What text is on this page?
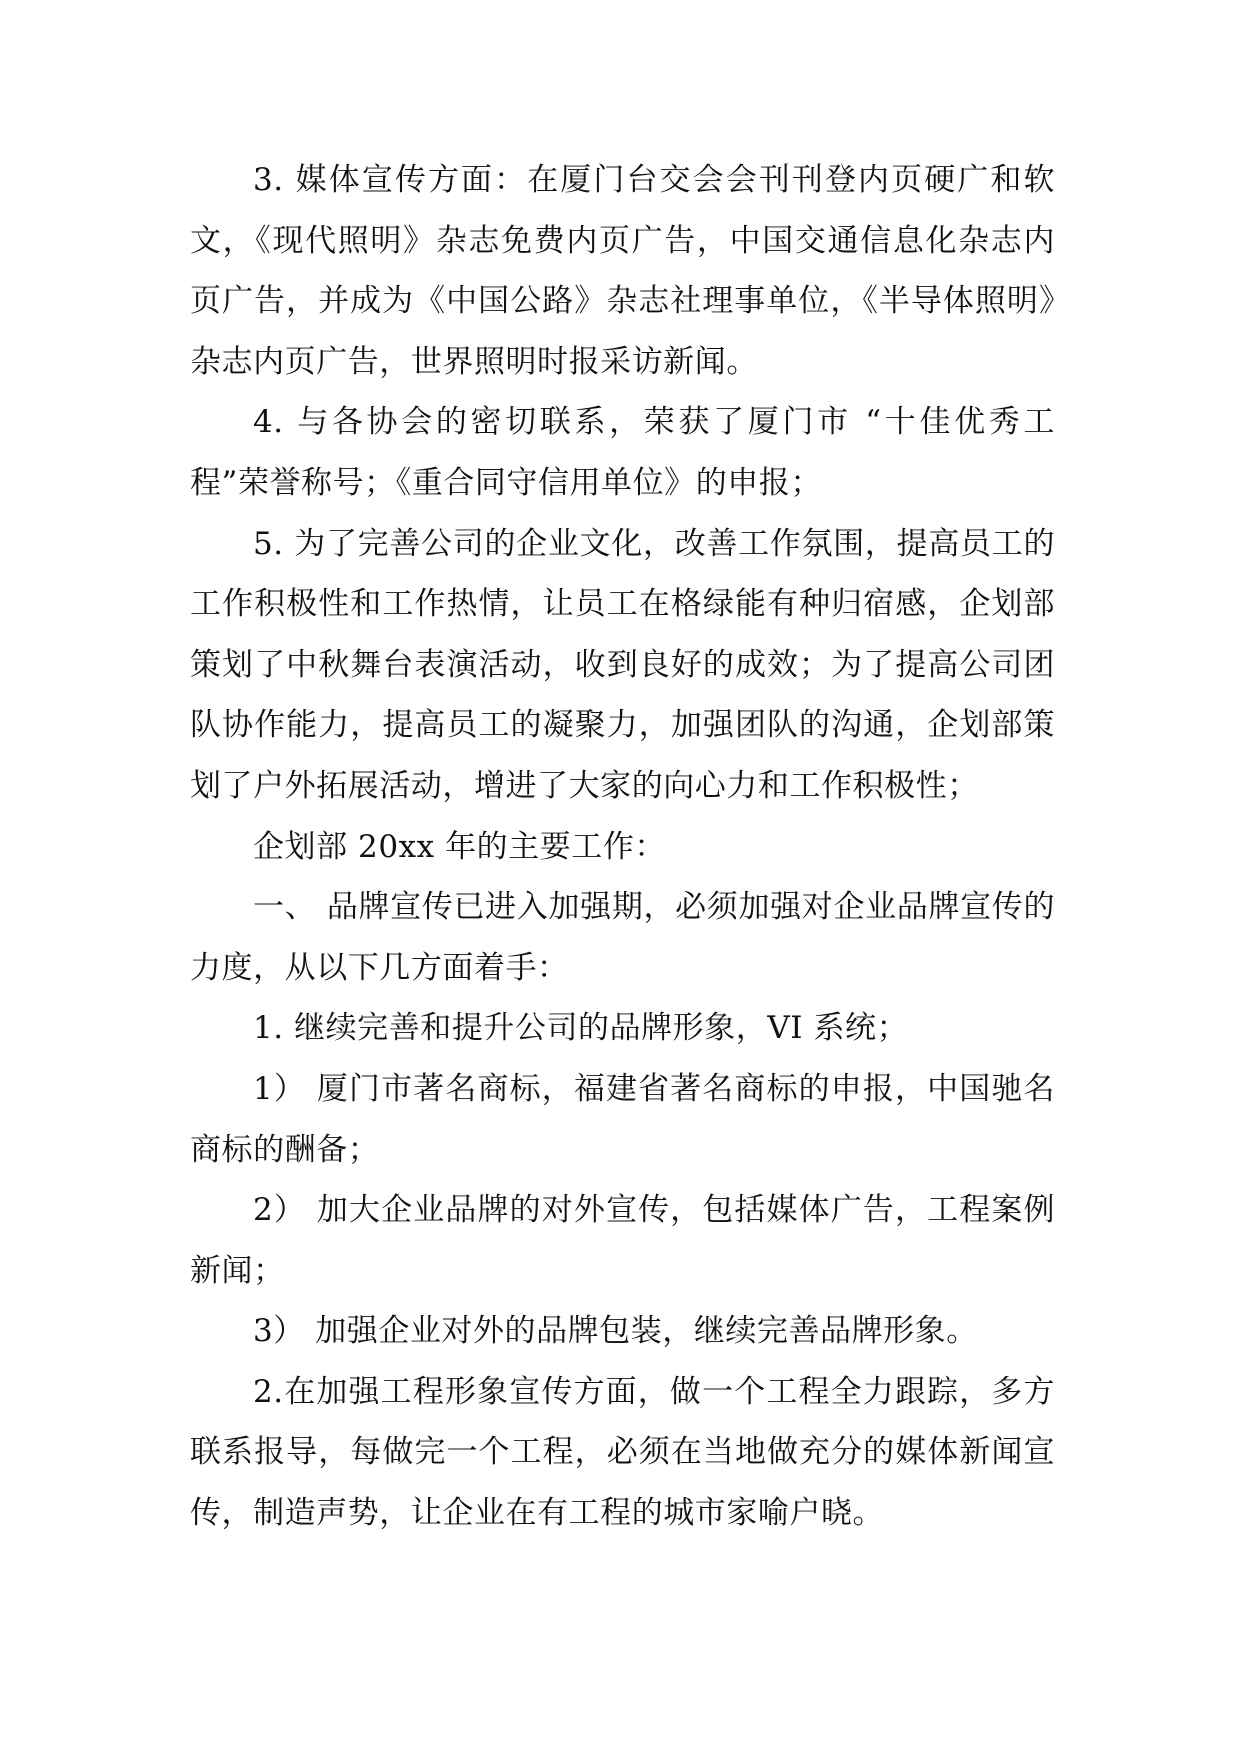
3. 媒体宣传方面：在厦门台交会会刊刊登内页硬广和软文，《现代照明》杂志免费内页广告，中国交通信息化杂志内页广告，并成为《中国公路》杂志社理事单位，《半导体照明》杂志内页广告，世界照明时报采访新闻。

4. 与各协会的密切联系，荣获了厦门市 “十佳优秀工程”荣誉称号；《重合同守信用单位》的申报；

5. 为了完善公司的企业文化，改善工作氛围，提高员工的工作积极性和工作热情，让员工在格绿能有种归宿感，企划部策划了中秋舞台表演活动，收到良好的成效；为了提高公司团队协作能力，提高员工的凝聚力，加强团队的沟通，企划部策划了户外拓展活动，增进了大家的向心力和工作积极性；

企划部 20xx 年的主要工作：

一、 品牌宣传已进入加强期，必须加强对企业品牌宣传的力度，从以下几方面着手：

1. 继续完善和提升公司的品牌形象，VI 系统；

1） 厦门市著名商标，福建省著名商标的申报，中国驰名商标的酬备；

2） 加大企业品牌的对外宣传，包括媒体广告，工程案例新闻；

3） 加强企业对外的品牌包装，继续完善品牌形象。

2.在加强工程形象宣传方面，做一个工程全力跟踪，多方联系报导，每做完一个工程，必须在当地做充分的媒体新闻宣传，制造声势，让企业在有工程的城市家喻户晓。
